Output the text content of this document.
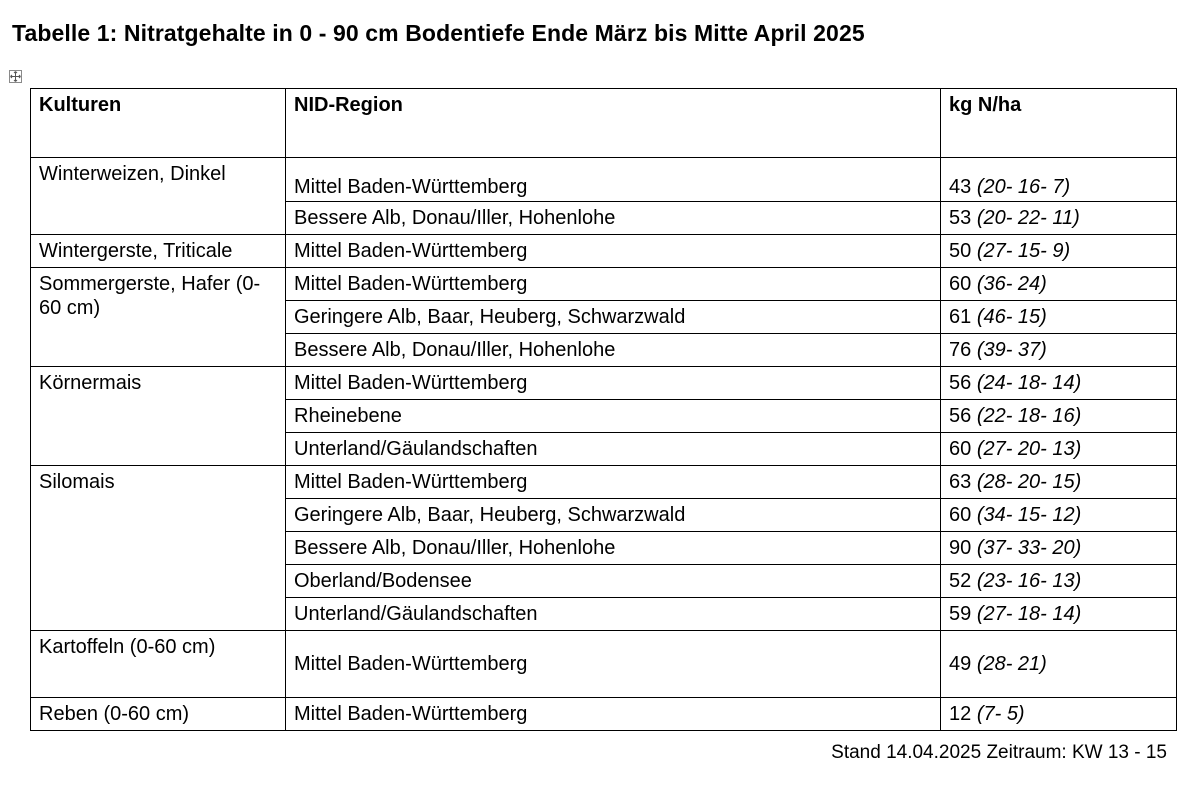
Tabelle 1: Nitratgehalte in 0 - 90 cm Bodentiefe Ende März bis Mitte April 2025
Kulturen	NID-Region	kg N/ha
Winterweizen, Dinkel	Mittel Baden-Württemberg	43 (20- 16- 7)
	Bessere Alb, Donau/Iller, Hohenlohe	53 (20- 22- 11)
Wintergerste, Triticale	Mittel Baden-Württemberg	50 (27- 15- 9)
Sommergerste, Hafer (0-60 cm)	Mittel Baden-Württemberg	60 (36- 24)
	Geringere Alb, Baar, Heuberg, Schwarzwald	61 (46- 15)
	Bessere Alb, Donau/Iller, Hohenlohe	76 (39- 37)
Körnermais	Mittel Baden-Württemberg	56 (24- 18- 14)
	Rheinebene	56 (22- 18- 16)
	Unterland/Gäulandschaften	60 (27- 20- 13)
Silomais	Mittel Baden-Württemberg	63 (28- 20- 15)
	Geringere Alb, Baar, Heuberg, Schwarzwald	60 (34- 15- 12)
	Bessere Alb, Donau/Iller, Hohenlohe	90 (37- 33- 20)
	Oberland/Bodensee	52 (23- 16- 13)
	Unterland/Gäulandschaften	59 (27- 18- 14)
Kartoffeln (0-60 cm)	Mittel Baden-Württemberg	49 (28- 21)
Reben (0-60 cm)	Mittel Baden-Württemberg	12 (7- 5)
Stand 14.04.2025 Zeitraum: KW 13 - 15
